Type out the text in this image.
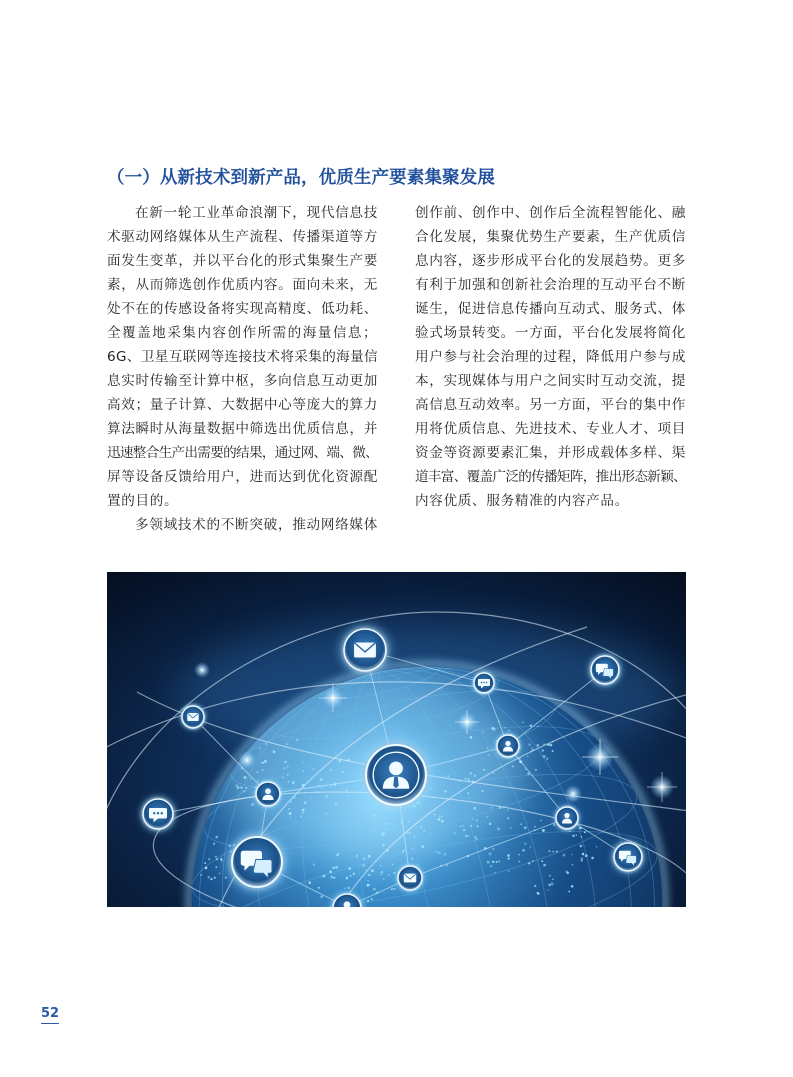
（一）从新技术到新产品，优质生产要素集聚发展
在新一轮工业革命浪潮下，现代信息技
术驱动网络媒体从生产流程、传播渠道等方
面发生变革，并以平台化的形式集聚生产要
素，从而筛选创作优质内容。面向未来，无
处不在的传感设备将实现高精度、低功耗、
全覆盖地采集内容创作所需的海量信息；
6G、卫星互联网等连接技术将采集的海量信
息实时传输至计算中枢，多向信息互动更加
高效；量子计算、大数据中心等庞大的算力
算法瞬时从海量数据中筛选出优质信息，并
迅速整合生产出需要的结果，通过网、端、微、
屏等设备反馈给用户，进而达到优化资源配
置的目的。
多领域技术的不断突破，推动网络媒体
创作前、创作中、创作后全流程智能化、融
合化发展，集聚优势生产要素，生产优质信
息内容，逐步形成平台化的发展趋势。更多
有利于加强和创新社会治理的互动平台不断
诞生，促进信息传播向互动式、服务式、体
验式场景转变。一方面，平台化发展将简化
用户参与社会治理的过程，降低用户参与成
本，实现媒体与用户之间实时互动交流，提
高信息互动效率。另一方面，平台的集中作
用将优质信息、先进技术、专业人才、项目
资金等资源要素汇集，并形成载体多样、渠
道丰富、覆盖广泛的传播矩阵，推出形态新颖、
内容优质、服务精准的内容产品。
52
